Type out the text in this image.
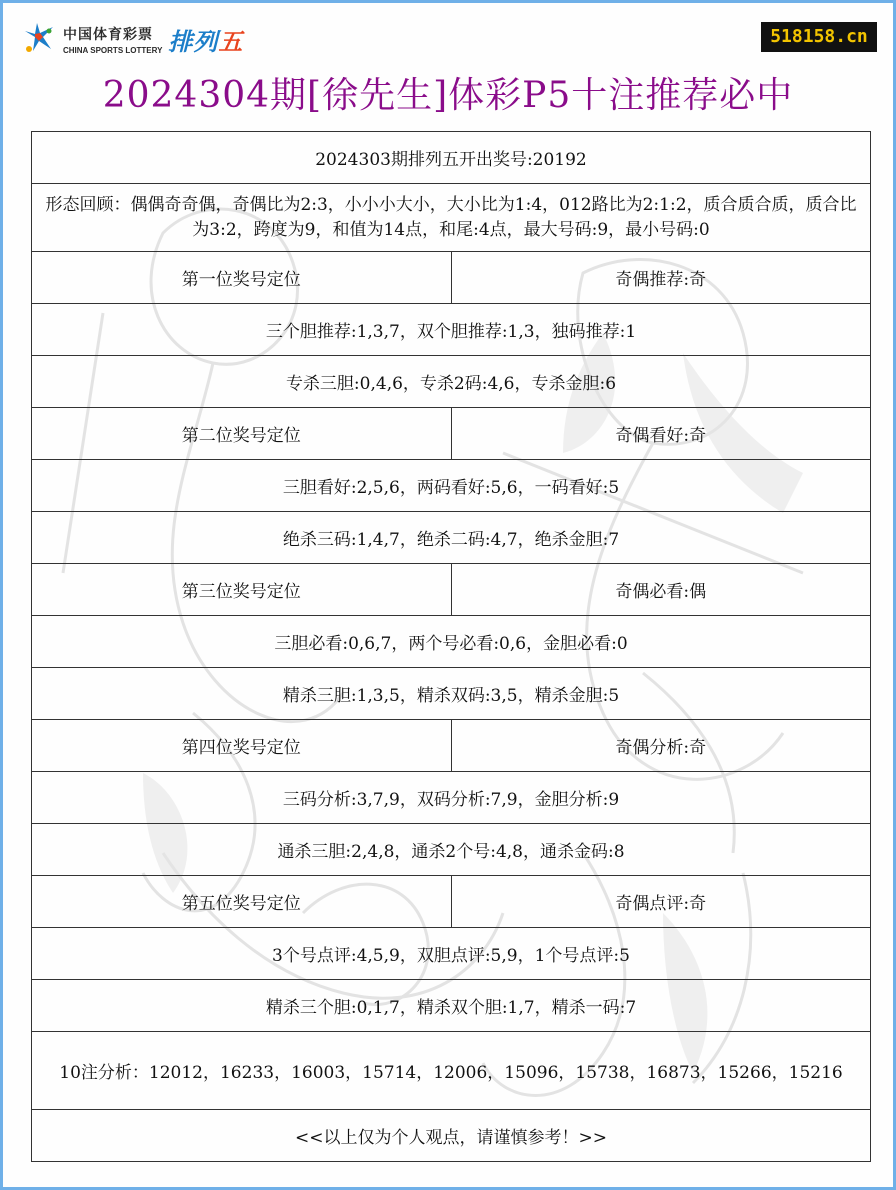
中国体育彩票
CHINA SPORTS LOTTERY 排列五	518158.cn
2024304期[徐先生]体彩P5十注推荐必中
2024303期排列五开出奖号:20192	
形态回顾：偶偶奇奇偶，奇偶比为2:3，小小小大小，大小比为1:4，012路比为2:1:2，质合质合质，质合比为3:2，跨度为9，和值为14点，和尾:4点，最大号码:9，最小号码:0	
第一位奖号定位	奇偶推荐:奇
三个胆推荐:1,3,7，双个胆推荐:1,3，独码推荐:1	
专杀三胆:0,4,6，专杀2码:4,6，专杀金胆:6	
第二位奖号定位	奇偶看好:奇
三胆看好:2,5,6，两码看好:5,6，一码看好:5	
绝杀三码:1,4,7，绝杀二码:4,7，绝杀金胆:7	
第三位奖号定位	奇偶必看:偶
三胆必看:0,6,7，两个号必看:0,6，金胆必看:0	
精杀三胆:1,3,5，精杀双码:3,5，精杀金胆:5	
第四位奖号定位	奇偶分析:奇
三码分析:3,7,9，双码分析:7,9，金胆分析:9	
通杀三胆:2,4,8，通杀2个号:4,8，通杀金码:8	
第五位奖号定位	奇偶点评:奇
3个号点评:4,5,9，双胆点评:5,9，1个号点评:5	
精杀三个胆:0,1,7，精杀双个胆:1,7，精杀一码:7	
10注分析：12012，16233，16003，15714，12006，15096，15738，16873，15266，15216	
<<以上仅为个人观点，请谨慎参考！>>	
